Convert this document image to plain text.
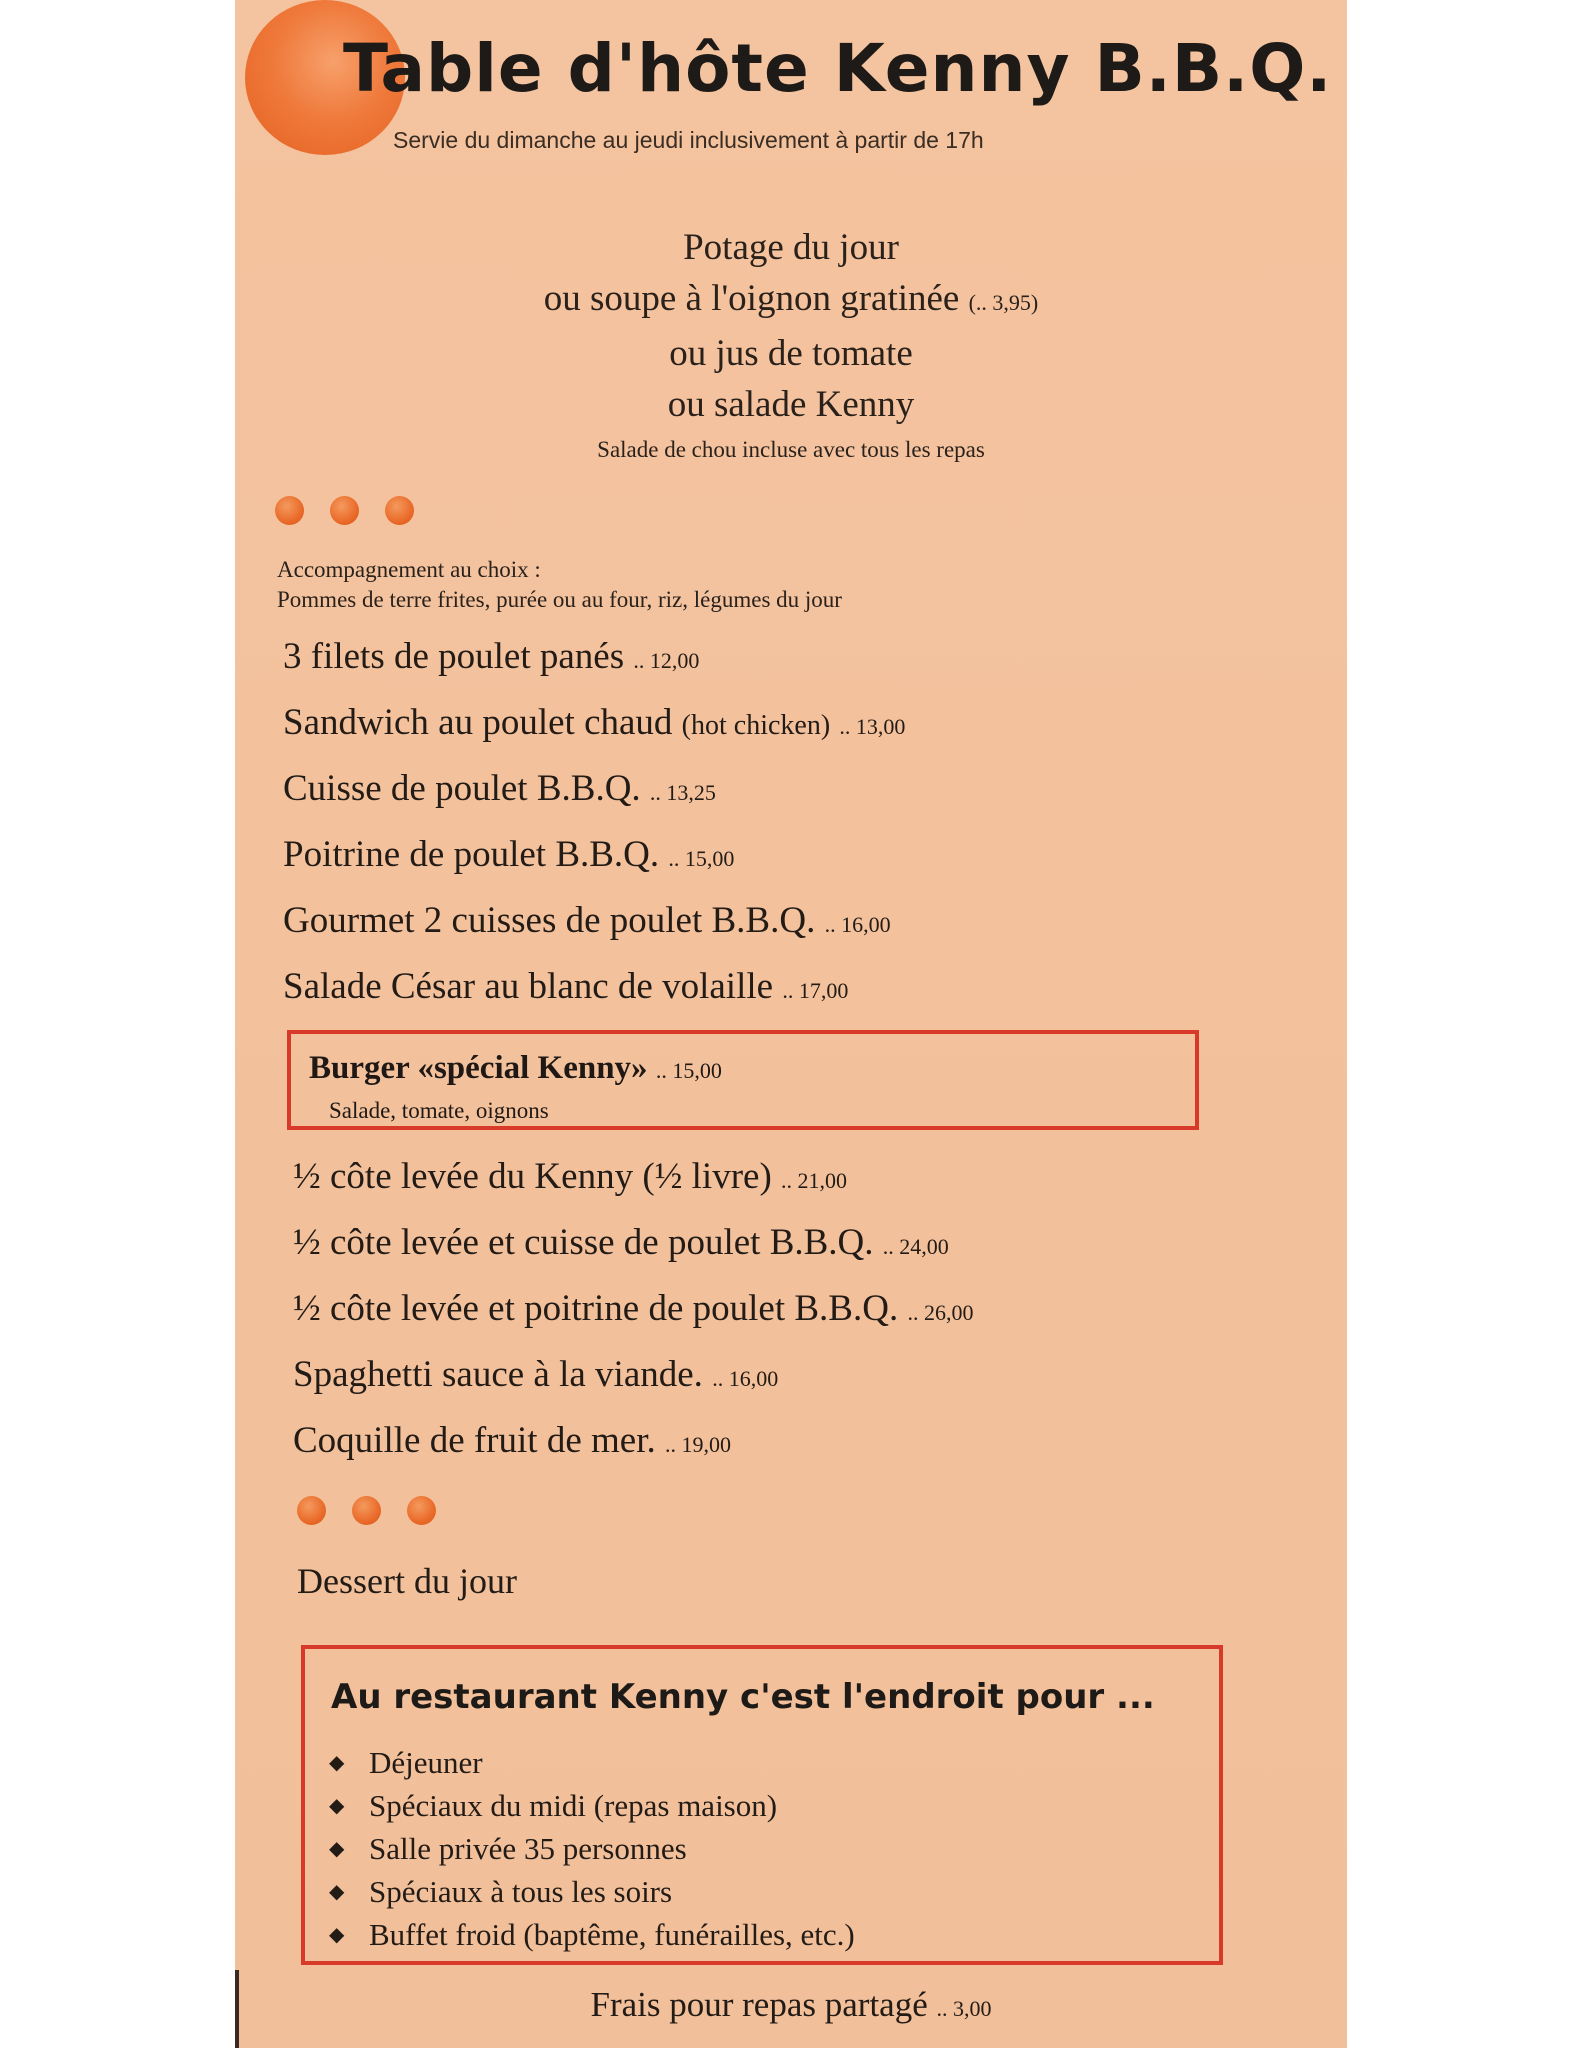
Table d'hôte Kenny B.B.Q.
Servie du dimanche au jeudi inclusivement à partir de 17h
Potage du jour
ou soupe à l'oignon gratinée (.. 3,95)
ou jus de tomate
ou salade Kenny
Salade de chou incluse avec tous les repas
Accompagnement au choix :
Pommes de terre frites, purée ou au four, riz, légumes du jour
3 filets de poulet panés .. 12,00
Sandwich au poulet chaud (hot chicken) .. 13,00
Cuisse de poulet B.B.Q. .. 13,25
Poitrine de poulet B.B.Q. .. 15,00
Gourmet 2 cuisses de poulet B.B.Q. .. 16,00
Salade César au blanc de volaille .. 17,00
Burger «spécial Kenny» .. 15,00
Salade, tomate, oignons
½ côte levée du Kenny (½ livre) .. 21,00
½ côte levée et cuisse de poulet B.B.Q. .. 24,00
½ côte levée et poitrine de poulet B.B.Q. .. 26,00
Spaghetti sauce à la viande. .. 16,00
Coquille de fruit de mer. .. 19,00
Dessert du jour
Au restaurant Kenny c'est l'endroit pour ...
◆ Déjeuner
◆ Spéciaux du midi (repas maison)
◆ Salle privée 35 personnes
◆ Spéciaux à tous les soirs
◆ Buffet froid (baptême, funérailles, etc.)
Frais pour repas partagé .. 3,00
